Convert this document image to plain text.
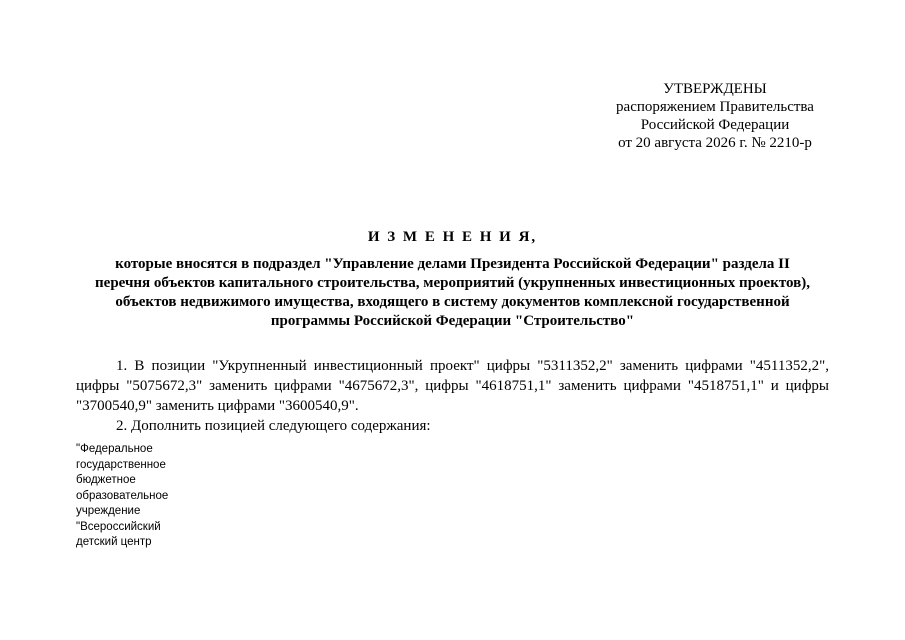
УТВЕРЖДЕНЫ
распоряжением Правительства
Российской Федерации
от 20 августа 2026 г. № 2210-р
И З М Е Н Е Н И Я,
которые вносятся в подраздел "Управление делами Президента Российской Федерации" раздела II
перечня объектов капитального строительства, мероприятий (укрупненных инвестиционных проектов),
объектов недвижимого имущества, входящего в систему документов комплексной государственной
программы Российской Федерации "Строительство"
1. В позиции "Укрупненный инвестиционный проект" цифры "5311352,2" заменить цифрами "4511352,2",
цифры "5075672,3" заменить цифрами "4675672,3", цифры "4618751,1" заменить цифрами "4518751,1" и цифры
"3700540,9" заменить цифрами "3600540,9".

2. Дополнить позицией следующего содержания:

"Федеральное
государственное
бюджетное
образовательное
учреждение
"Всероссийский
детский центр
